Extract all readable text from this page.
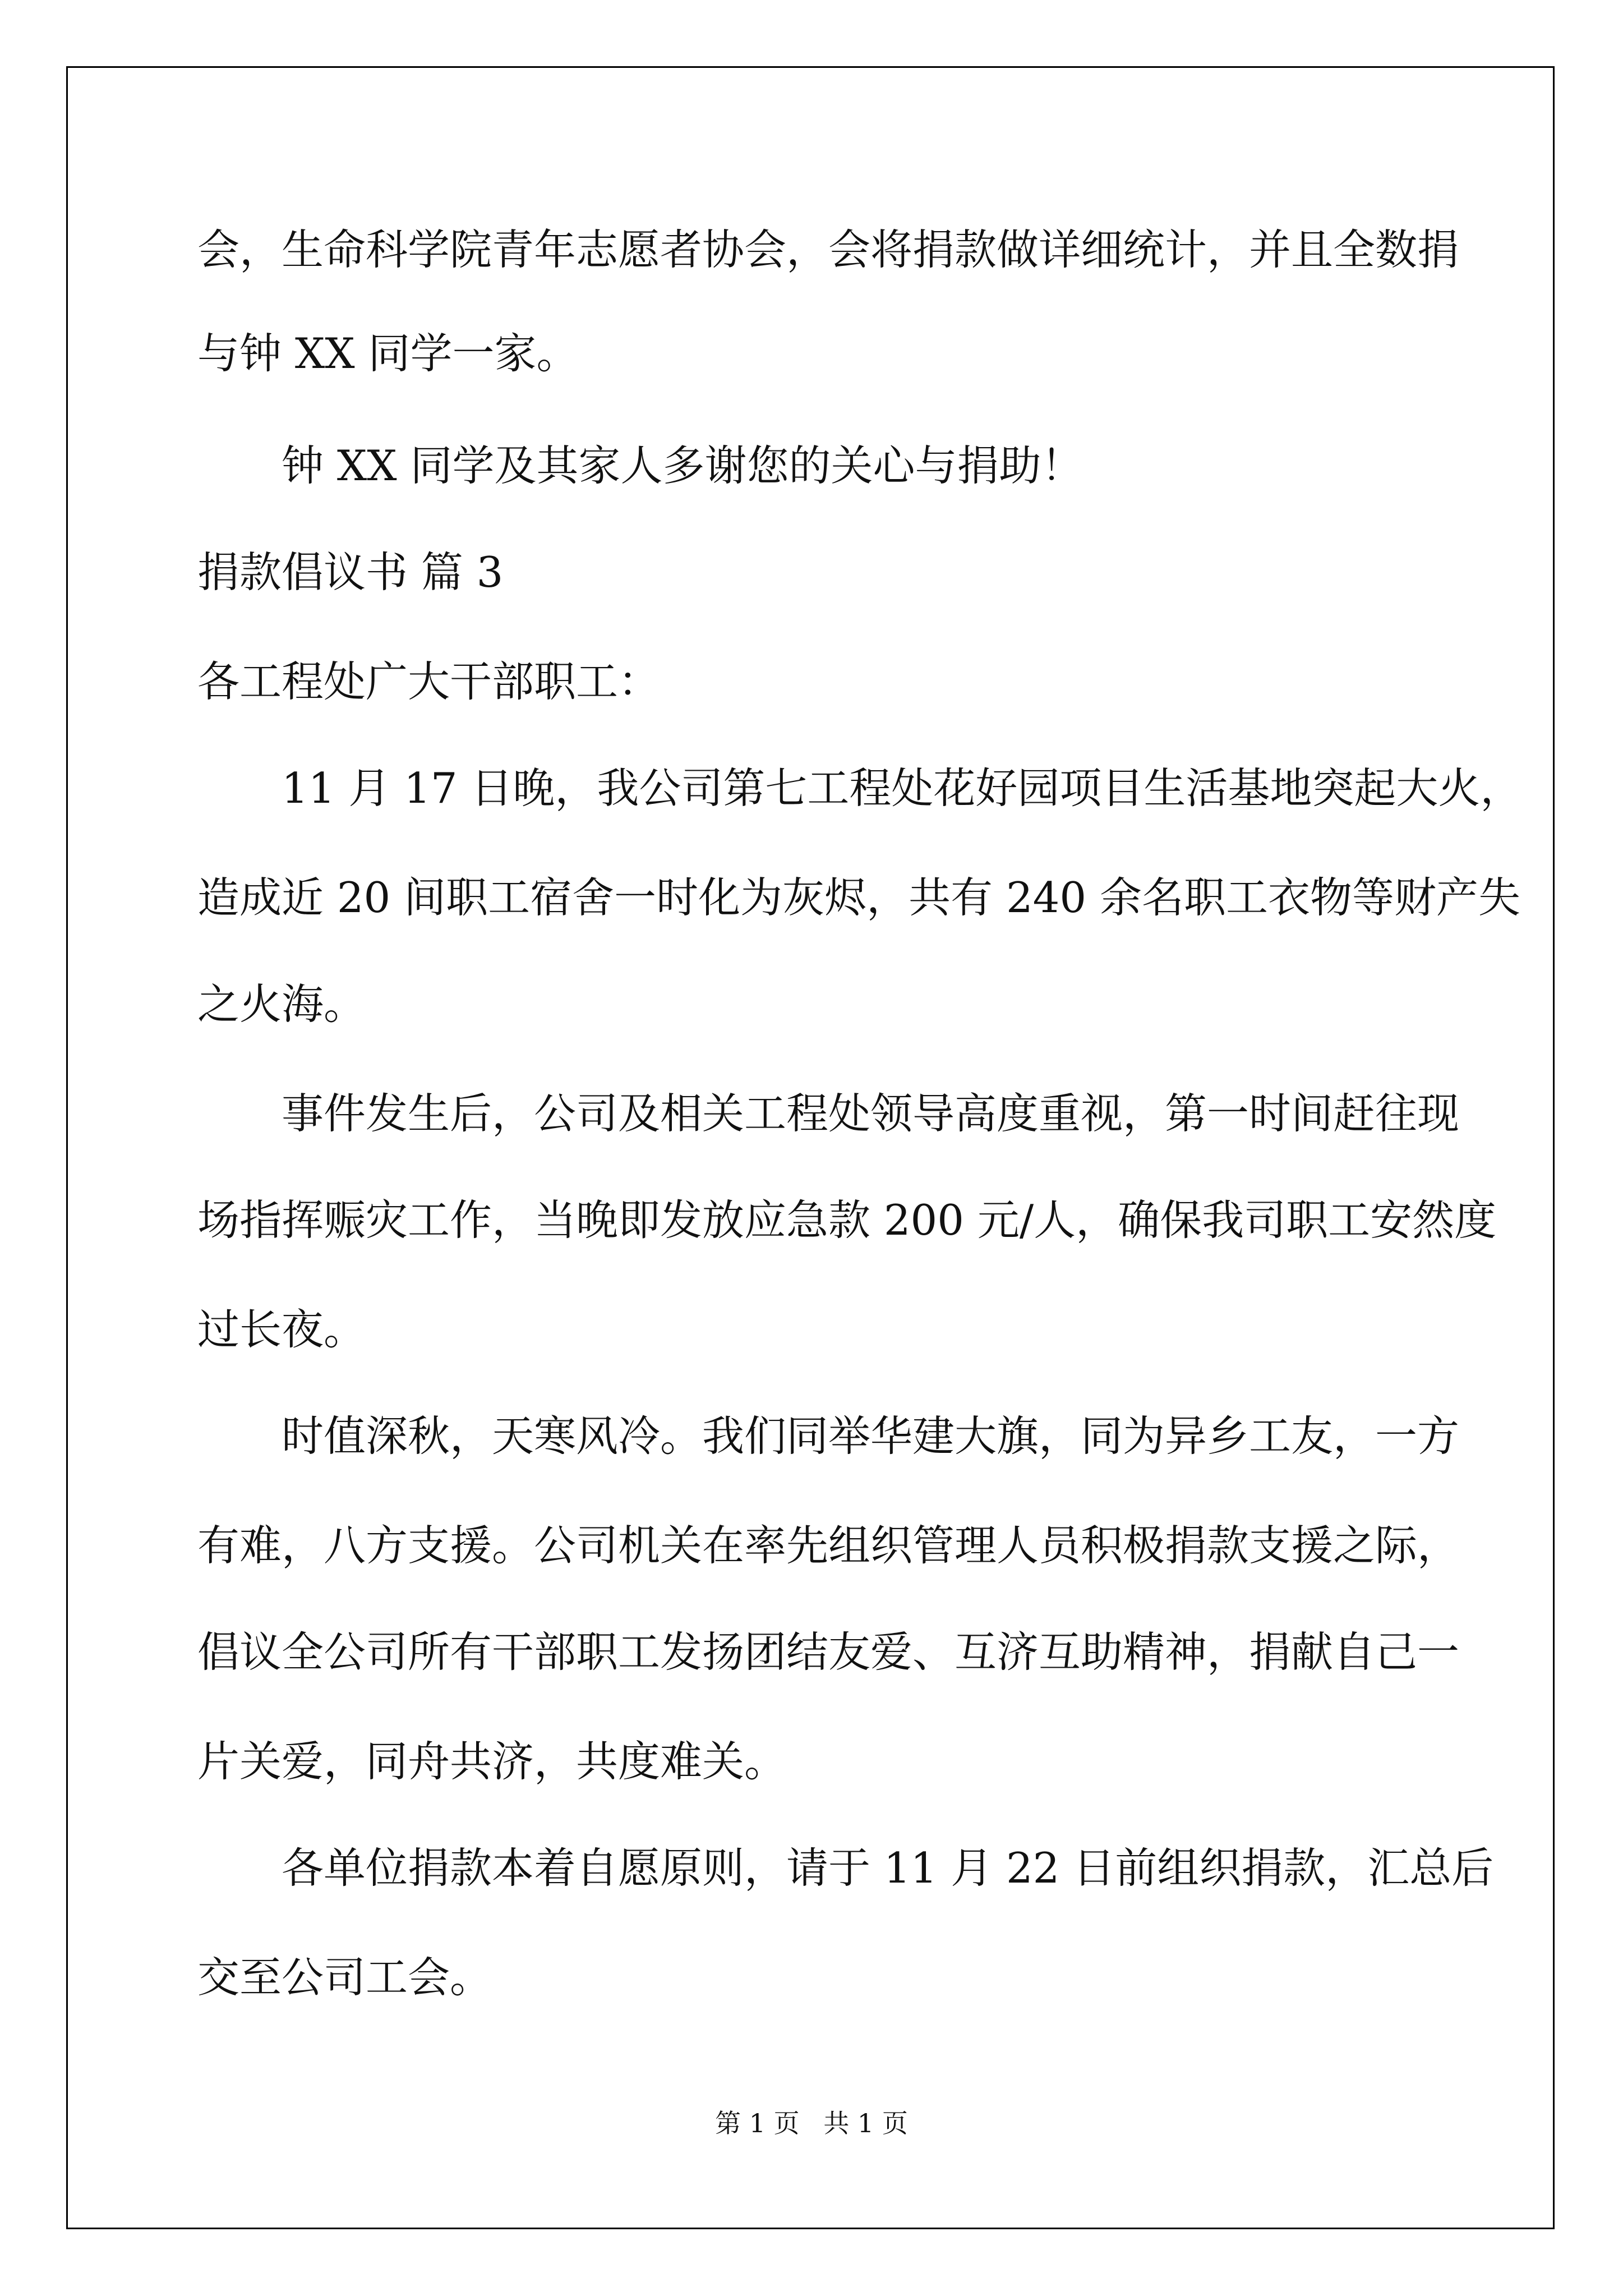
会，生命科学院青年志愿者协会，会将捐款做详细统计，并且全数捐
与钟 XX 同学一家。
钟 XX 同学及其家人多谢您的关心与捐助！
捐款倡议书 篇 3
各工程处广大干部职工：
11 月 17 日晚，我公司第七工程处花好园项目生活基地突起大火，
造成近 20 间职工宿舍一时化为灰烬，共有 240 余名职工衣物等财产失
之火海。
事件发生后，公司及相关工程处领导高度重视，第一时间赶往现
场指挥赈灾工作，当晚即发放应急款 200 元/人，确保我司职工安然度
过长夜。
时值深秋，天寒风冷。我们同举华建大旗，同为异乡工友，一方
有难，八方支援。公司机关在率先组织管理人员积极捐款支援之际，
倡议全公司所有干部职工发扬团结友爱、互济互助精神，捐献自己一
片关爱，同舟共济，共度难关。
各单位捐款本着自愿原则，请于 11 月 22 日前组织捐款，汇总后
交至公司工会。
第 1 页 共 1 页
